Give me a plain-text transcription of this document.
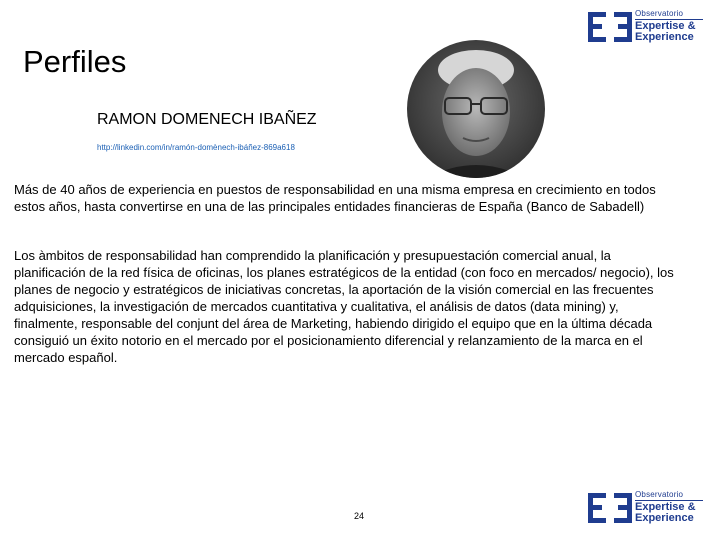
Observatorio
Expertise &
Experience
Perfiles
RAMON DOMENECH IBAÑEZ
http://linkedin.com/in/ramón-domènech-ibáñez-869a618

Más de 40 años de experiencia en puestos de responsabilidad en una misma empresa en crecimiento en todos estos años, hasta convertirse en una de las principales entidades financieras de España (Banco de Sabadell)

Los àmbitos de responsabilidad han comprendido la planificación y presupuestación comercial anual, la planificación de la red física de oficinas, los planes estratégicos de la entidad (con foco en mercados/ negocio), los planes de negocio y estratégicos de iniciativas concretas, la aportación de la visión comercial en las frecuentes adquisiciones, la investigación de mercados cuantitativa y cualitativa, el análisis de datos (data mining) y, finalmente, responsable del conjunt del área de Marketing, habiendo dirigido el equipo que en la última década consiguió un éxito notorio en el mercado por el posicionamiento diferencial y relanzamiento de la marca en el mercado español.

24
Observatorio
Expertise &
Experience
